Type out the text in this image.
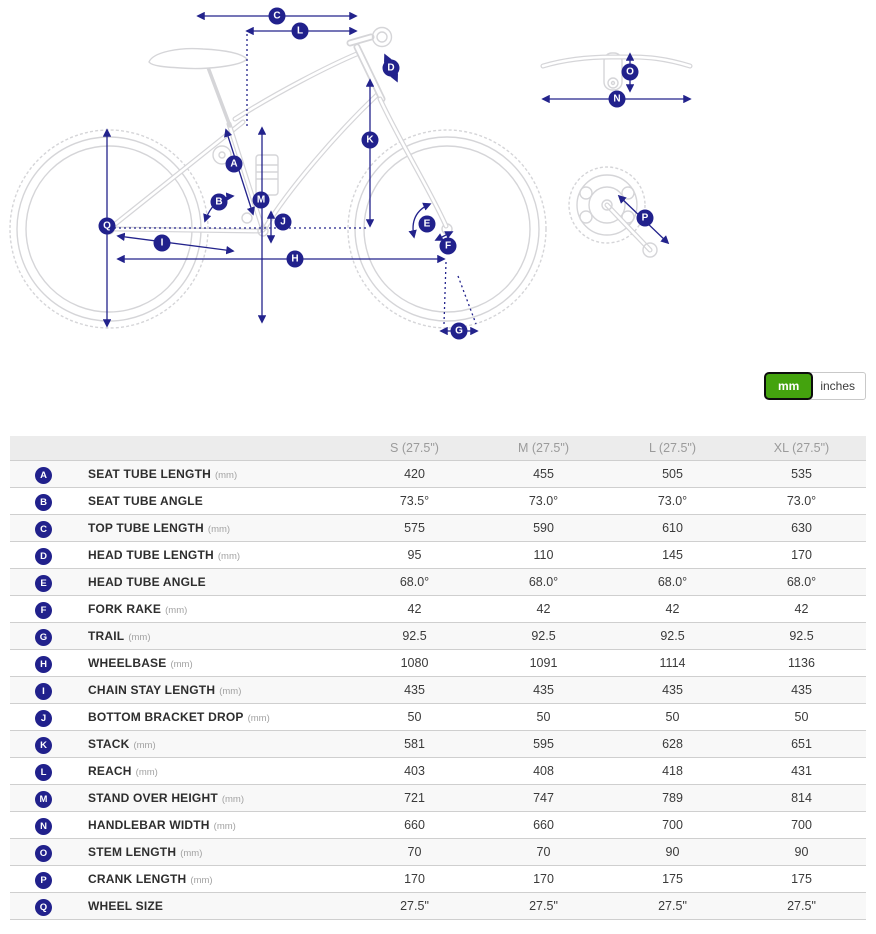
A
B
C
D
E
F
G
H
I
J
K
L
M
N
O
P
Q
mm	inches
		S (27.5")	M (27.5")	L (27.5")	XL (27.5")
A	SEAT TUBE LENGTH (mm)	420	455	505	535
B	SEAT TUBE ANGLE	73.5°	73.0°	73.0°	73.0°
C	TOP TUBE LENGTH (mm)	575	590	610	630
D	HEAD TUBE LENGTH (mm)	95	110	145	170
E	HEAD TUBE ANGLE	68.0°	68.0°	68.0°	68.0°
F	FORK RAKE (mm)	42	42	42	42
G	TRAIL (mm)	92.5	92.5	92.5	92.5
H	WHEELBASE (mm)	1080	1091	1114	1136
I	CHAIN STAY LENGTH (mm)	435	435	435	435
J	BOTTOM BRACKET DROP (mm)	50	50	50	50
K	STACK (mm)	581	595	628	651
L	REACH (mm)	403	408	418	431
M	STAND OVER HEIGHT (mm)	721	747	789	814
N	HANDLEBAR WIDTH (mm)	660	660	700	700
O	STEM LENGTH (mm)	70	70	90	90
P	CRANK LENGTH (mm)	170	170	175	175
Q	WHEEL SIZE	27.5"	27.5"	27.5"	27.5"
